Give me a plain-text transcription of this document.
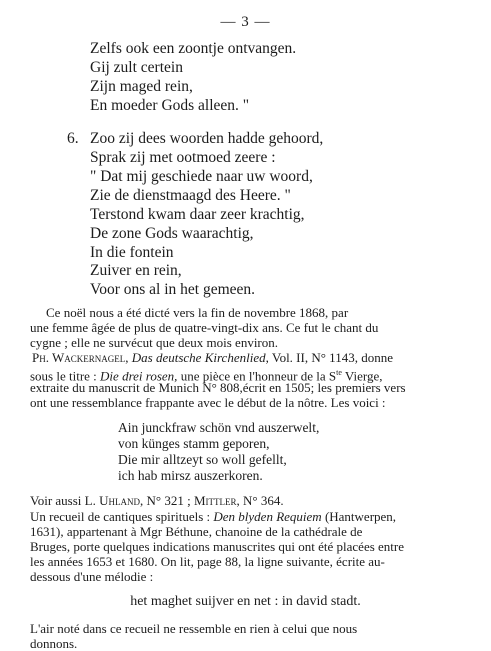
— 3 —
Zelfs ook een zoontje ontvangen.
Gij zult certein
Zijn maged rein,
En moeder Gods alleen. "
6. Zoo zij dees woorden hadde gehoord,
Sprak zij met ootmoed zeere :
" Dat mij geschiede naar uw woord,
Zie de dienstmaagd des Heere. "
Terstond kwam daar zeer krachtig,
De zone Gods waarachtig,
In die fontein
Zuiver en rein,
Voor ons al in het gemeen.
Ce noël nous a été dicté vers la fin de novembre 1868, par
une femme âgée de plus de quatre-vingt-dix ans. Ce fut le chant du
cygne ; elle ne survécut que deux mois environ.
Ph. Wackernagel, Das deutsche Kirchenlied, Vol. II, N° 1143, donne
sous le titre : Die drei rosen, une pièce en l'honneur de la $S^{te}$ Vierge,
extraite du manuscrit de Munich N° 808,écrit en 1505; les premiers vers
ont une ressemblance frappante avec le début de la nôtre. Les voici :
Ain junckfraw schön vnd auszerwelt,
von künges stamm geporen,
Die mir alltzeyt so woll gefellt,
ich hab mirsz auszerkoren.
Voir aussi L. Uhland, N° 321 ; Mittler, N° 364.
Un recueil de cantiques spirituels : Den blyden Requiem (Hantwerpen,
1631), appartenant à Mgr Béthune, chanoine de la cathédrale de
Bruges, porte quelques indications manuscrites qui ont été placées entre
les années 1653 et 1680. On lit, page 88, la ligne suivante, écrite au-
dessous d'une mélodie :
het maghet suijver en net : in david stadt.
L'air noté dans ce recueil ne ressemble en rien à celui que nous
donnons.
